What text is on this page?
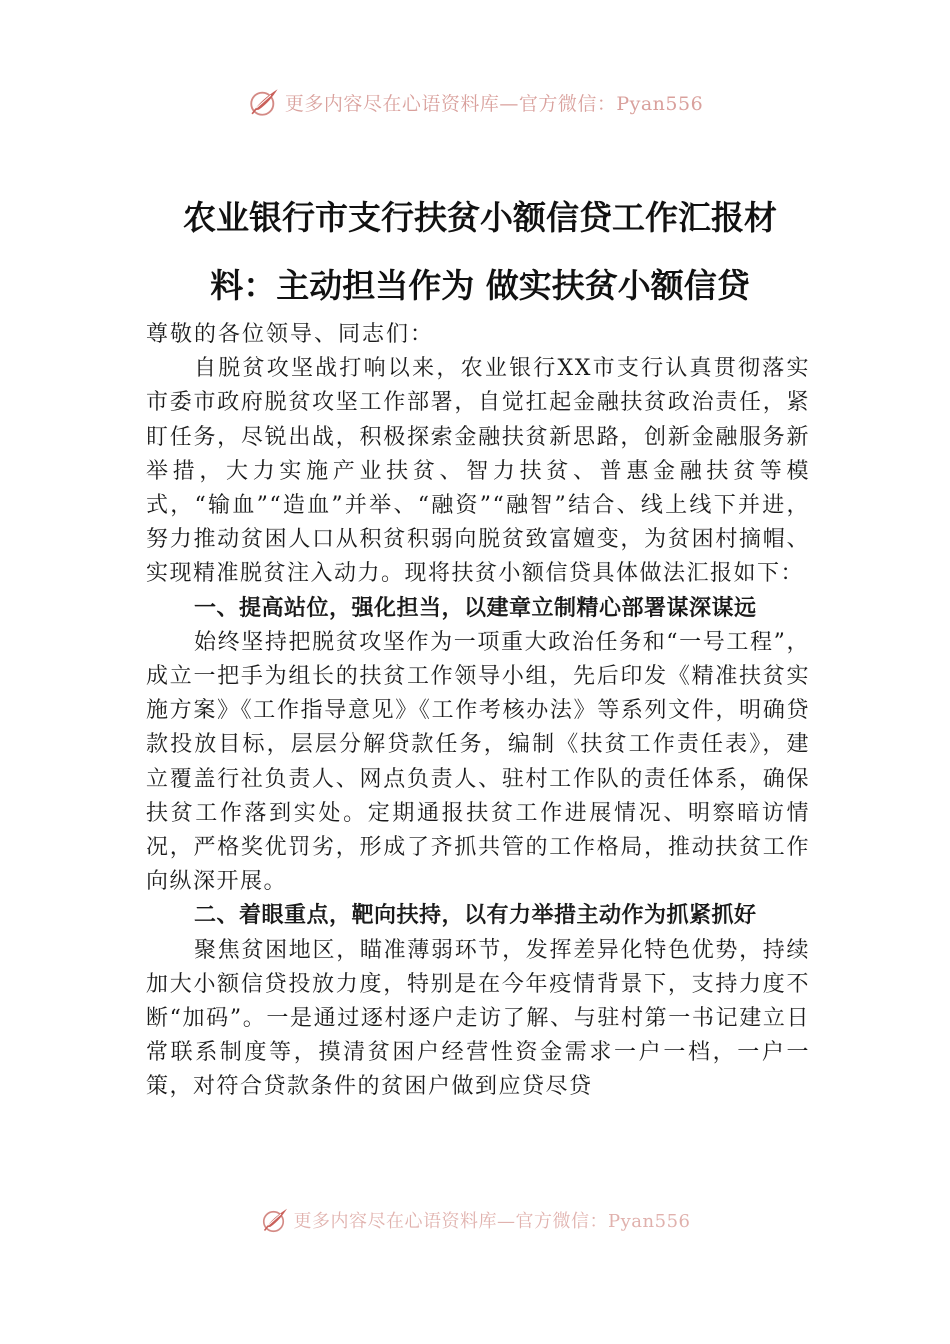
更多内容尽在心语资料库—官方微信：Pyan556
农业银行市支行扶贫小额信贷工作汇报材
料：主动担当作为 做实扶贫小额信贷

尊敬的各位领导、同志们：

自脱贫攻坚战打响以来，农业银行XX市支行认真贯彻落实市委市政府脱贫攻坚工作部署，自觉扛起金融扶贫政治责任，紧盯任务，尽锐出战，积极探索金融扶贫新思路，创新金融服务新举措，大力实施产业扶贫、智力扶贫、普惠金融扶贫等模式，“输血”“造血”并举、“融资”“融智”结合、线上线下并进，努力推动贫困人口从积贫积弱向脱贫致富嬗变，为贫困村摘帽、实现精准脱贫注入动力。现将扶贫小额信贷具体做法汇报如下：

一、提高站位，强化担当，以建章立制精心部署谋深谋远

始终坚持把脱贫攻坚作为一项重大政治任务和“一号工程”，成立一把手为组长的扶贫工作领导小组，先后印发《精准扶贫实施方案》《工作指导意见》《工作考核办法》等系列文件，明确贷款投放目标，层层分解贷款任务，编制《扶贫工作责任表》，建立覆盖行社负责人、网点负责人、驻村工作队的责任体系，确保扶贫工作落到实处。定期通报扶贫工作进展情况、明察暗访情况，严格奖优罚劣，形成了齐抓共管的工作格局，推动扶贫工作向纵深开展。

二、着眼重点，靶向扶持，以有力举措主动作为抓紧抓好

聚焦贫困地区，瞄准薄弱环节，发挥差异化特色优势，持续加大小额信贷投放力度，特别是在今年疫情背景下，支持力度不断“加码”。一是通过逐村逐户走访了解、与驻村第一书记建立日常联系制度等，摸清贫困户经营性资金需求一户一档，一户一策，对符合贷款条件的贫困户做到应贷尽贷

更多内容尽在心语资料库—官方微信：Pyan556
